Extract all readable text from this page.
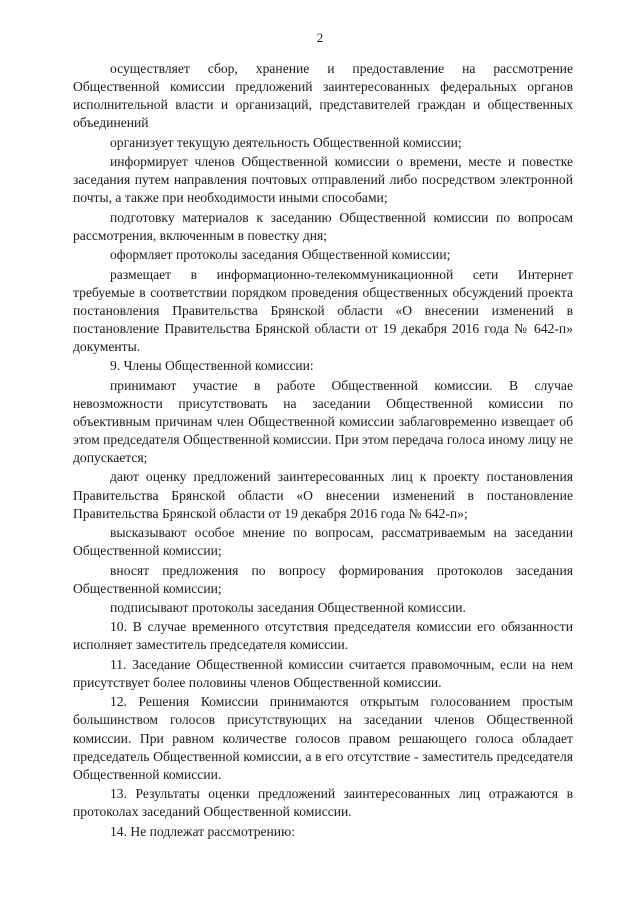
2

осуществляет сбор, хранение и предоставление на рассмотрение Общественной комиссии предложений заинтересованных федеральных органов исполнительной власти и организаций, представителей граждан и общественных объединений

организует текущую деятельность Общественной комиссии;

информирует членов Общественной комиссии о времени, месте и повестке заседания путем направления почтовых отправлений либо посредством электронной почты, а также при необходимости иными способами;

подготовку материалов к заседанию Общественной комиссии по вопросам рассмотрения, включенным в повестку дня;

оформляет протоколы заседания Общественной комиссии;

размещает в информационно-телекоммуникационной сети Интернет требуемые в соответствии порядком проведения общественных обсуждений проекта постановления Правительства Брянской области «О внесении изменений в постановление Правительства Брянской области от 19 декабря 2016 года № 642-п» документы.

9. Члены Общественной комиссии:

принимают участие в работе Общественной комиссии. В случае невозможности присутствовать на заседании Общественной комиссии по объективным причинам член Общественной комиссии заблаговременно извещает об этом председателя Общественной комиссии. При этом передача голоса иному лицу не допускается;

дают оценку предложений заинтересованных лиц к проекту постановления Правительства Брянской области «О внесении изменений в постановление Правительства Брянской области от 19 декабря 2016 года № 642-п»;

высказывают особое мнение по вопросам, рассматриваемым на заседании Общественной комиссии;

вносят предложения по вопросу формирования протоколов заседания Общественной комиссии;

подписывают протоколы заседания Общественной комиссии.

10. В случае временного отсутствия председателя комиссии его обязанности исполняет заместитель председателя комиссии.

11. Заседание Общественной комиссии считается правомочным, если на нем присутствует более половины членов Общественной комиссии.

12. Решения Комиссии принимаются открытым голосованием простым большинством голосов присутствующих на заседании членов Общественной комиссии. При равном количестве голосов правом решающего голоса обладает председатель Общественной комиссии, а в его отсутствие - заместитель председателя Общественной комиссии.

13. Результаты оценки предложений заинтересованных лиц отражаются в протоколах заседаний Общественной комиссии.

14. Не подлежат рассмотрению:
